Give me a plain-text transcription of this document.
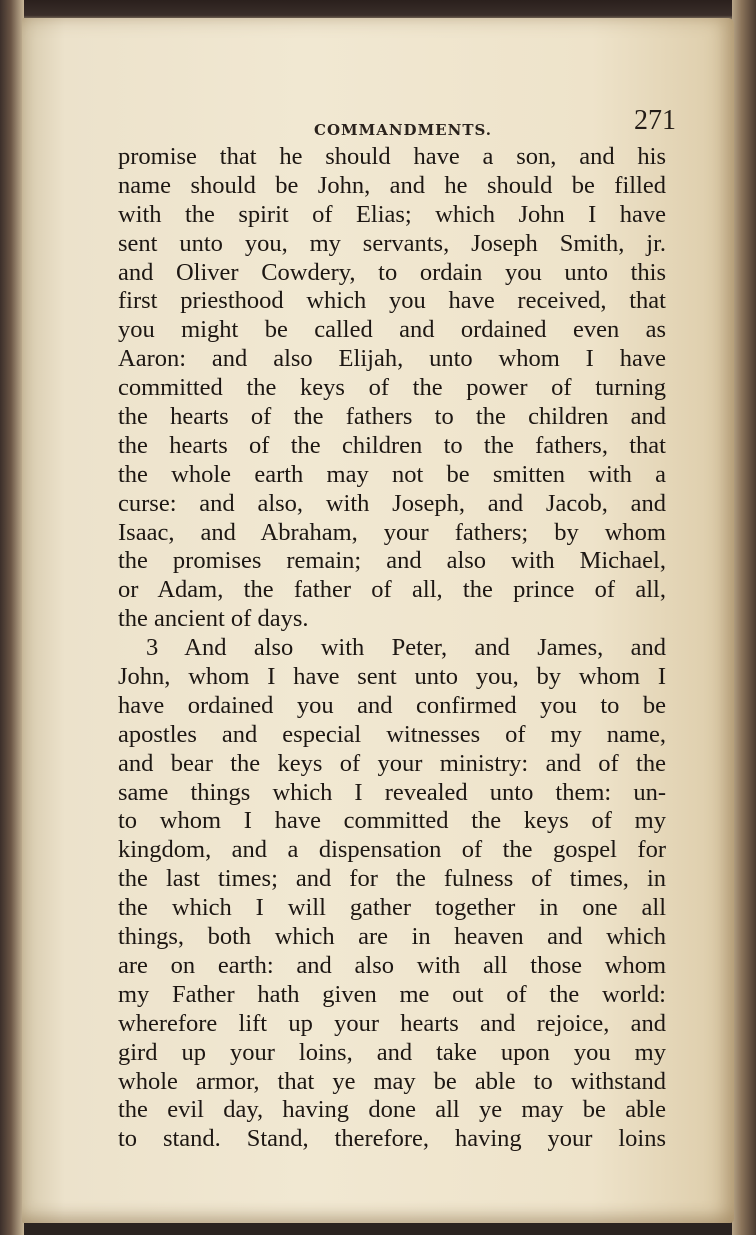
COMMANDMENTS.	271
promise that he should have a son, and his
name should be John, and he should be filled
with the spirit of Elias; which John I have
sent unto you, my servants, Joseph Smith, jr.
and Oliver Cowdery, to ordain you unto this
first priesthood which you have received, that
you might be called and ordained even as
Aaron: and also Elijah, unto whom I have
committed the keys of the power of turning
the hearts of the fathers to the children and
the hearts of the children to the fathers, that
the whole earth may not be smitten with a
curse: and also, with Joseph, and Jacob, and
Isaac, and Abraham, your fathers; by whom
the promises remain; and also with Michael,
or Adam, the father of all, the prince of all,
the ancient of days.
3 And also with Peter, and James, and
John, whom I have sent unto you, by whom I
have ordained you and confirmed you to be
apostles and especial witnesses of my name,
and bear the keys of your ministry: and of the
same things which I revealed unto them: un-
to whom I have committed the keys of my
kingdom, and a dispensation of the gospel for
the last times; and for the fulness of times, in
the which I will gather together in one all
things, both which are in heaven and which
are on earth: and also with all those whom
my Father hath given me out of the world:
wherefore lift up your hearts and rejoice, and
gird up your loins, and take upon you my
whole armor, that ye may be able to withstand
the evil day, having done all ye may be able
to stand. Stand, therefore, having your loins
